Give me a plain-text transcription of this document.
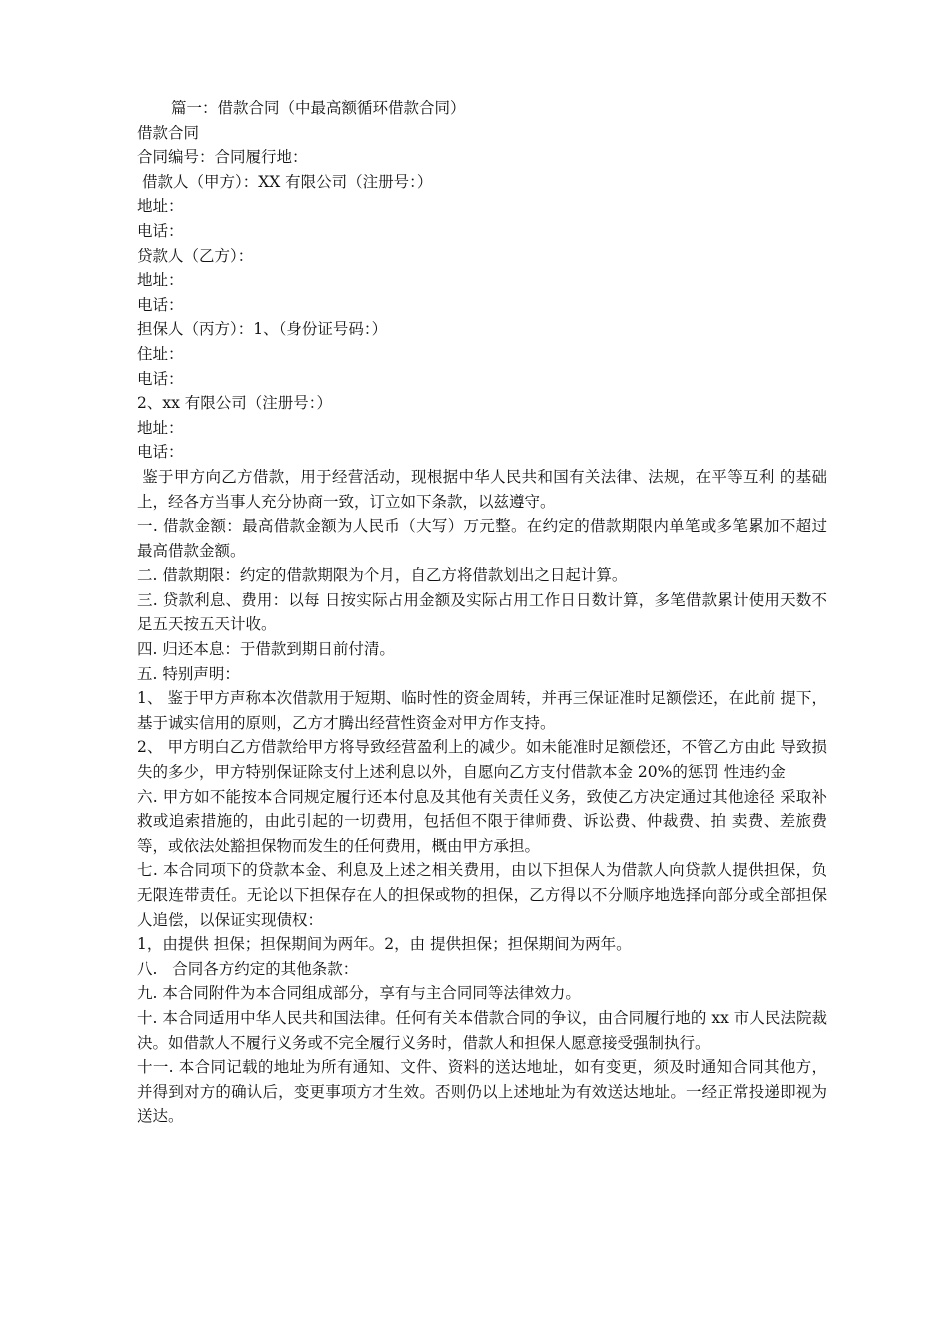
篇一：借款合同（中最高额循环借款合同）
借款合同
合同编号：合同履行地：
借款人（甲方）：XX 有限公司（注册号：）
地址：
电话：
贷款人（乙方）：
地址：
电话：
担保人（丙方）：1、（身份证号码：）
住址：
电话：
2、xx 有限公司（注册号：）
地址：
电话：
鉴于甲方向乙方借款，用于经营活动，现根据中华人民共和国有关法律、法规，在平等互利 的基础上，经各方当事人充分协商一致，订立如下条款，以兹遵守。
一. 借款金额：最高借款金额为人民币（大写）万元整。在约定的借款期限内单笔或多笔累加不超过最高借款金额。
二. 借款期限：约定的借款期限为个月，自乙方将借款划出之日起计算。
三. 贷款利息、费用：以每 日按实际占用金额及实际占用工作日日数计算，多笔借款累计使用天数不足五天按五天计收。
四. 归还本息：于借款到期日前付清。
五. 特别声明：
1、 鉴于甲方声称本次借款用于短期、临时性的资金周转，并再三保证准时足额偿还，在此前 提下，基于诚实信用的原则，乙方才腾出经营性资金对甲方作支持。
2、 甲方明白乙方借款给甲方将导致经营盈利上的减少。如未能准时足额偿还，不管乙方由此 导致损失的多少，甲方特别保证除支付上述利息以外，自愿向乙方支付借款本金 20%的惩罚 性违约金
六. 甲方如不能按本合同规定履行还本付息及其他有关责任义务，致使乙方决定通过其他途径 采取补救或追索措施的，由此引起的一切费用，包括但不限于律师费、诉讼费、仲裁费、拍 卖费、差旅费等，或依法处豁担保物而发生的任何费用，概由甲方承担。
七. 本合同项下的贷款本金、利息及上述之相关费用，由以下担保人为借款人向贷款人提供担保，负无限连带责任。无论以下担保存在人的担保或物的担保，乙方得以不分顺序地选择向部分或全部担保人追偿，以保证实现债权：
1，由提供 担保；担保期间为两年。2，由 提供担保；担保期间为两年。
八.   合同各方约定的其他条款：
九. 本合同附件为本合同组成部分，享有与主合同同等法律效力。
十. 本合同适用中华人民共和国法律。任何有关本借款合同的争议，由合同履行地的 xx 市人民法院裁决。如借款人不履行义务或不完全履行义务时，借款人和担保人愿意接受强制执行。
十一. 本合同记载的地址为所有通知、文件、资料的送达地址，如有变更，须及时通知合同其他方，并得到对方的确认后，变更事项方才生效。否则仍以上述地址为有效送达地址。一经正常投递即视为送达。
